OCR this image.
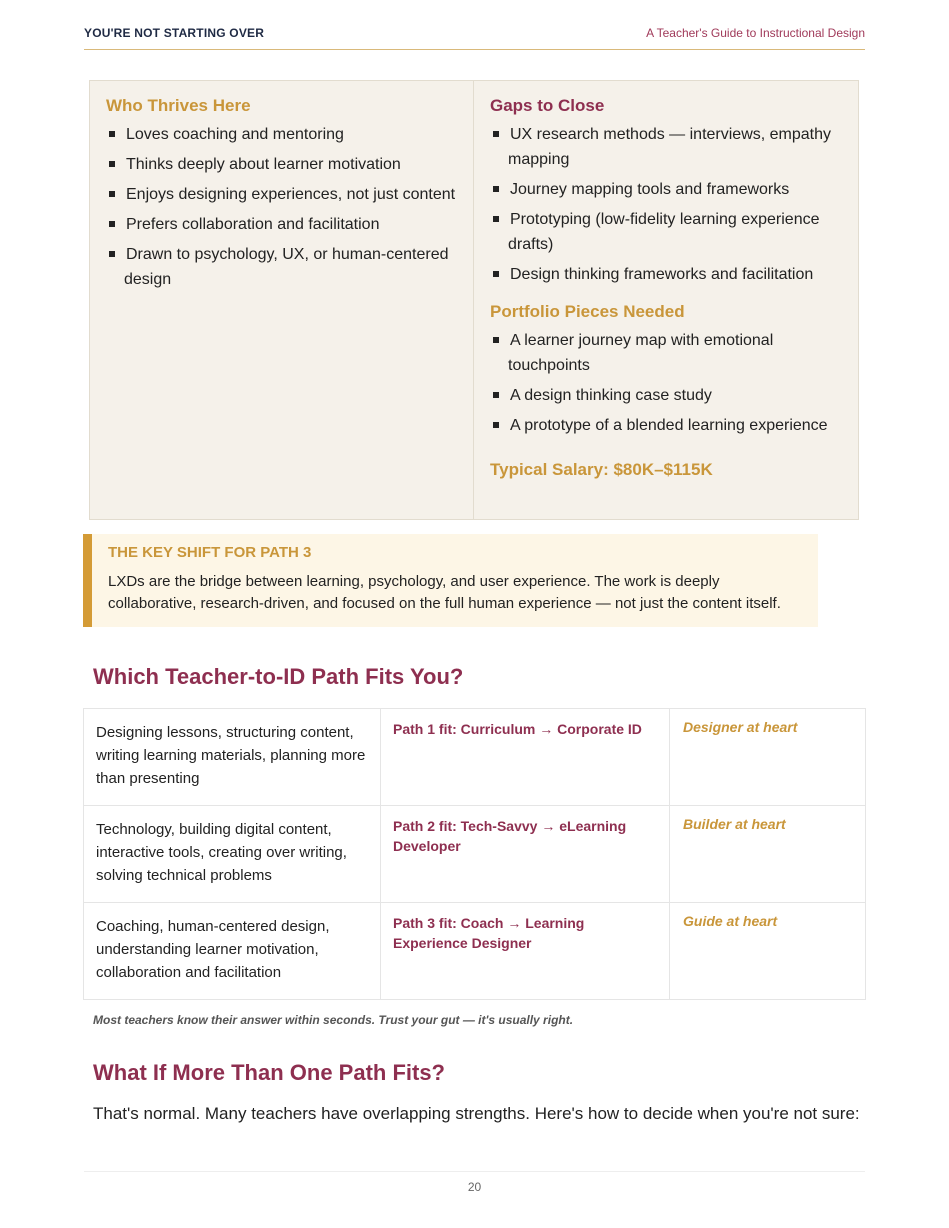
YOU'RE NOT STARTING OVER	A Teacher's Guide to Instructional Design
Who Thrives Here
Loves coaching and mentoring
Thinks deeply about learner motivation
Enjoys designing experiences, not just content
Prefers collaboration and facilitation
Drawn to psychology, UX, or human-centered design
Gaps to Close
UX research methods — interviews, empathy mapping
Journey mapping tools and frameworks
Prototyping (low-fidelity learning experience drafts)
Design thinking frameworks and facilitation
Portfolio Pieces Needed
A learner journey map with emotional touchpoints
A design thinking case study
A prototype of a blended learning experience
Typical Salary: $80K–$115K
THE KEY SHIFT FOR PATH 3
LXDs are the bridge between learning, psychology, and user experience. The work is deeply collaborative, research-driven, and focused on the full human experience — not just the content itself.
Which Teacher-to-ID Path Fits You?
Designing lessons, structuring content, writing learning materials, planning more than presenting	Path 1 fit: Curriculum → Corporate ID	Designer at heart
Technology, building digital content, interactive tools, creating over writing, solving technical problems	Path 2 fit: Tech-Savvy → eLearning Developer	Builder at heart
Coaching, human-centered design, understanding learner motivation, collaboration and facilitation	Path 3 fit: Coach → Learning Experience Designer	Guide at heart
Most teachers know their answer within seconds. Trust your gut — it's usually right.
What If More Than One Path Fits?
That's normal. Many teachers have overlapping strengths. Here's how to decide when you're not sure:
20
